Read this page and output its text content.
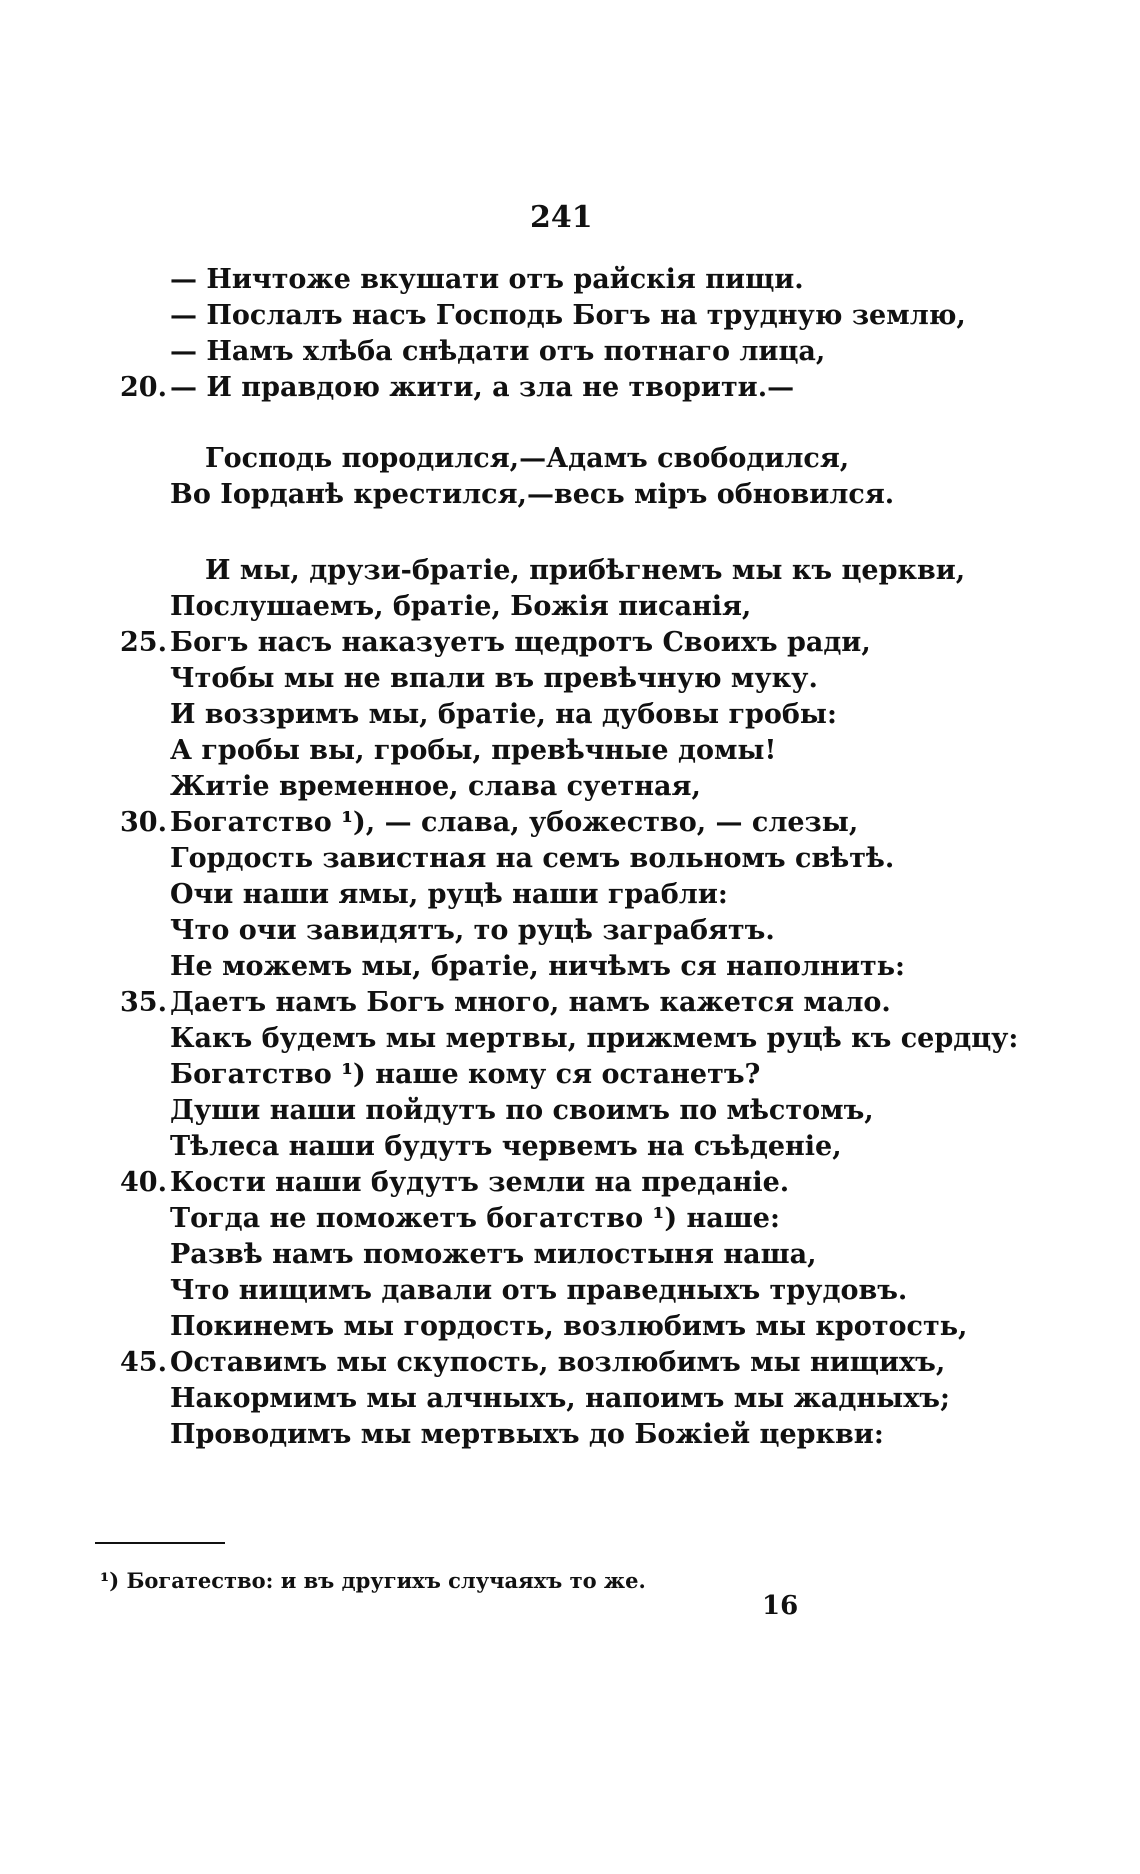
241
— Ничтоже вкушати отъ райскія пищи.
— Послалъ насъ Господь Богъ на трудную землю,
— Намъ хлѣба снѣдати отъ потнаго лица,
20. — И правдою жити, а зла не творити.—
Господь породился,—Адамъ свободился,
Во Іорданѣ крестился,—весь міръ обновился.
И мы, друзи-братіе, прибѣгнемъ мы къ церкви,
Послушаемъ, братіе, Божія писанія,
25. Богъ насъ наказуетъ щедротъ Своихъ ради,
Чтобы мы не впали въ превѣчную муку.
И воззримъ мы, братіе, на дубовы гробы:
А гробы вы, гробы, превѣчные домы!
Житіе временное, слава суетная,
30. Богатство ¹), — слава, убожество, — слезы,
Гордость завистная на семъ вольномъ свѣтѣ.
Очи наши ямы, руцѣ наши грабли:
Что очи завидятъ, то руцѣ заграбятъ.
Не можемъ мы, братіе, ничѣмъ ся наполнить:
35. Даетъ намъ Богъ много, намъ кажется мало.
Какъ будемъ мы мертвы, прижмемъ руцѣ къ сердцу:
Богатство ¹) наше кому ся останетъ?
Души наши пойдутъ по своимъ по мѣстомъ,
Тѣлеса наши будутъ червемъ на съѣденіе,
40. Кости наши будутъ земли на преданіе.
Тогда не поможетъ богатство ¹) наше:
Развѣ намъ поможетъ милостыня наша,
Что нищимъ давали отъ праведныхъ трудовъ.
Покинемъ мы гордость, возлюбимъ мы кротость,
45. Оставимъ мы скупость, возлюбимъ мы нищихъ,
Накормимъ мы алчныхъ, напоимъ мы жадныхъ;
Проводимъ мы мертвыхъ до Божіей церкви:
¹) Богатество: и въ другихъ случаяхъ то же.
16
